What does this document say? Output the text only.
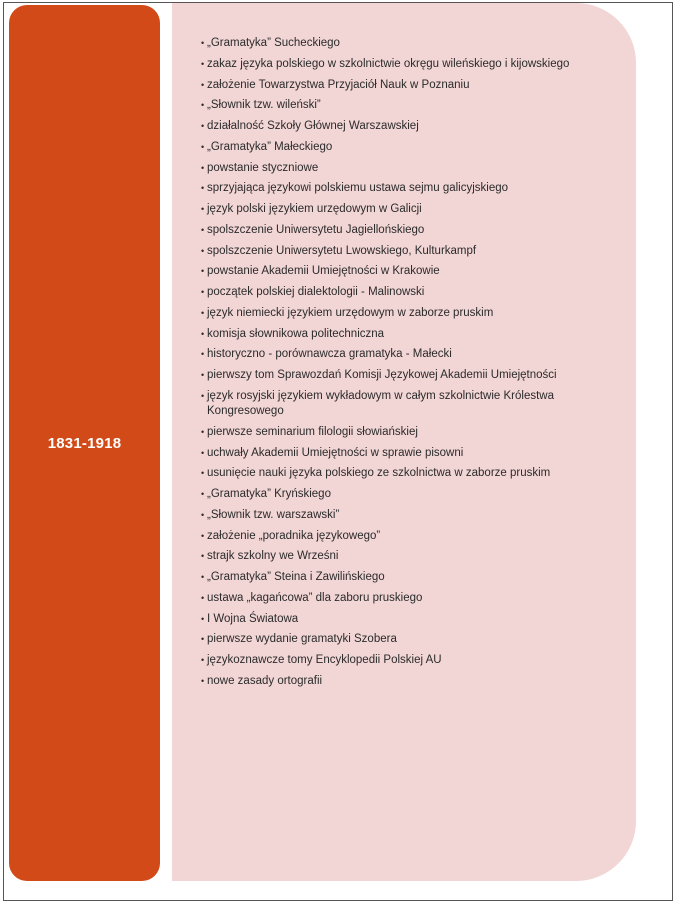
1831-1918
• „Gramatyka” Sucheckiego
• zakaz języka polskiego w szkolnictwie okręgu wileńskiego i kijowskiego
• założenie Towarzystwa Przyjaciół Nauk w Poznaniu
• „Słownik tzw. wileński”
• działalność Szkoły Głównej Warszawskiej
• „Gramatyka” Małeckiego
• powstanie styczniowe
• sprzyjająca językowi polskiemu ustawa sejmu galicyjskiego
• język polski językiem urzędowym w Galicji
• spolszczenie Uniwersytetu Jagiellońskiego
• spolszczenie Uniwersytetu Lwowskiego, Kulturkampf
• powstanie Akademii Umiejętności w Krakowie
• początek polskiej dialektologii - Malinowski
• język niemiecki językiem urzędowym w zaborze pruskim
• komisja słownikowa politechniczna
• historyczno - porównawcza gramatyka - Małecki
• pierwszy tom Sprawozdań Komisji Językowej Akademii Umiejętności
• język rosyjski językiem wykładowym w całym szkolnictwie Królestwa Kongresowego
• pierwsze seminarium filologii słowiańskiej
• uchwały Akademii Umiejętności w sprawie pisowni
• usunięcie nauki języka polskiego ze szkolnictwa w zaborze pruskim
• „Gramatyka” Kryńskiego
• „Słownik tzw. warszawski”
• założenie „poradnika językowego”
• strajk szkolny we Wrześni
• „Gramatyka” Steina i Zawilińskiego
• ustawa „kagańcowa” dla zaboru pruskiego
• I Wojna Światowa
• pierwsze wydanie gramatyki Szobera
• językoznawcze tomy Encyklopedii Polskiej AU
• nowe zasady ortografii
